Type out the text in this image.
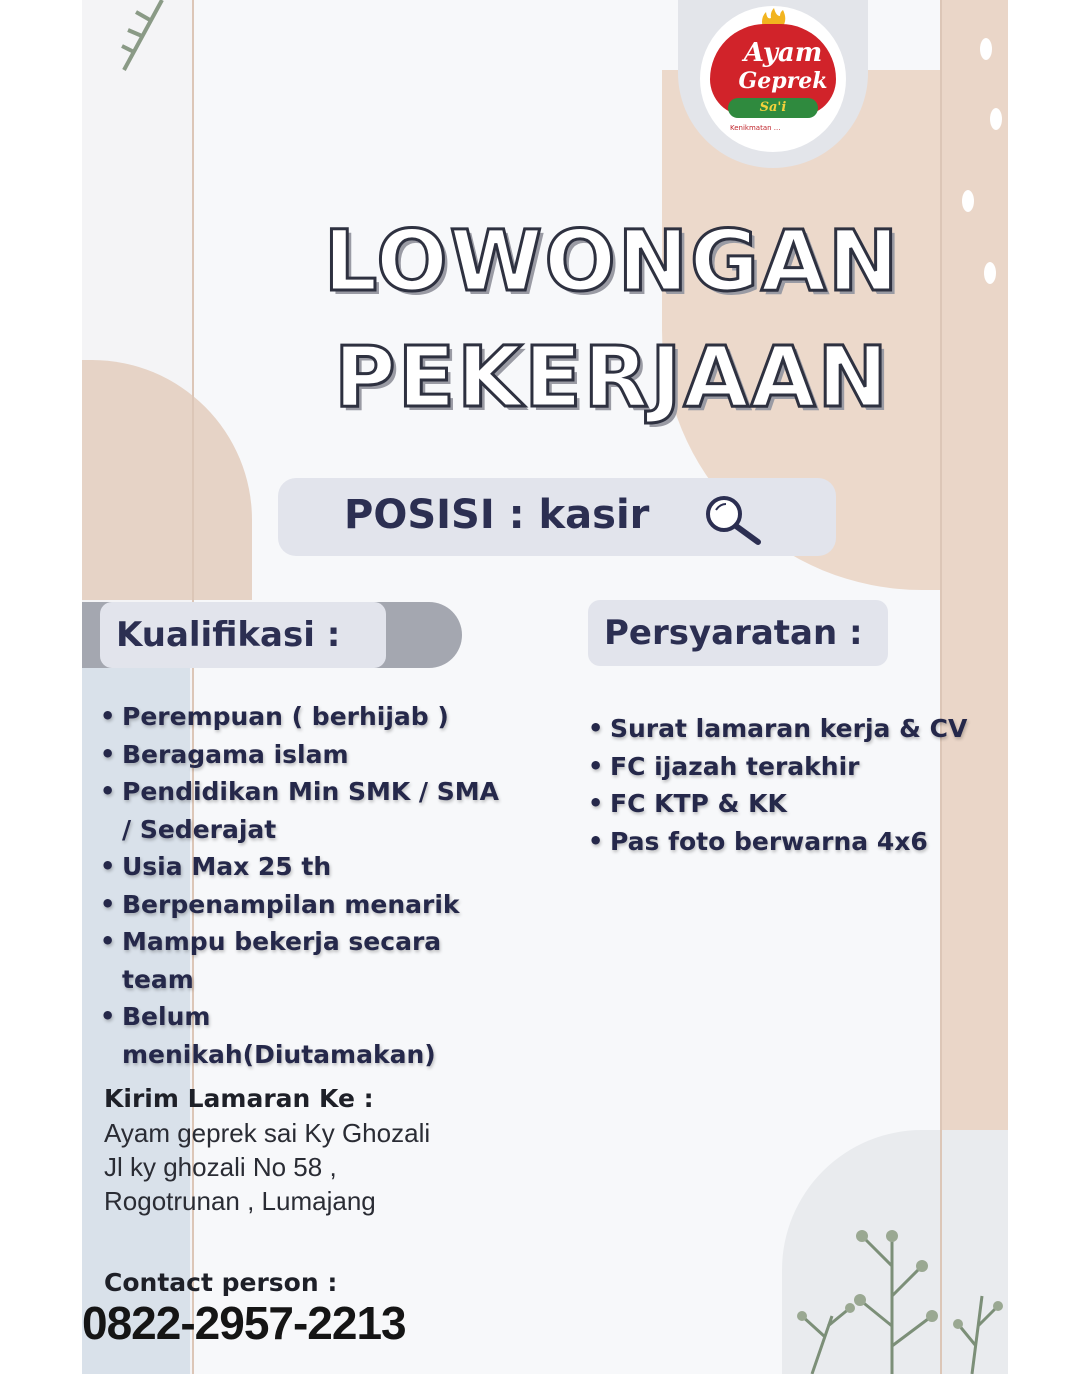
Ayam
Geprek
Sa'i
Kenikmatan ...
LOWONGAN
PEKERJAAN
POSISI : kasir
Kualifikasi :	Persyaratan :
• Perempuan ( berhijab )
• Beragama islam
• Pendidikan Min SMK / SMA / Sederajat
• Usia Max 25 th
• Berpenampilan menarik
• Mampu bekerja secara team
• Belum menikah(Diutamakan)
• Surat lamaran kerja & CV
• FC ijazah terakhir
• FC KTP & KK
• Pas foto berwarna 4x6
Kirim Lamaran Ke :
Ayam geprek sai Ky Ghozali
Jl ky ghozali No 58 ,
Rogotrunan , Lumajang
Contact person :
0822-2957-2213
